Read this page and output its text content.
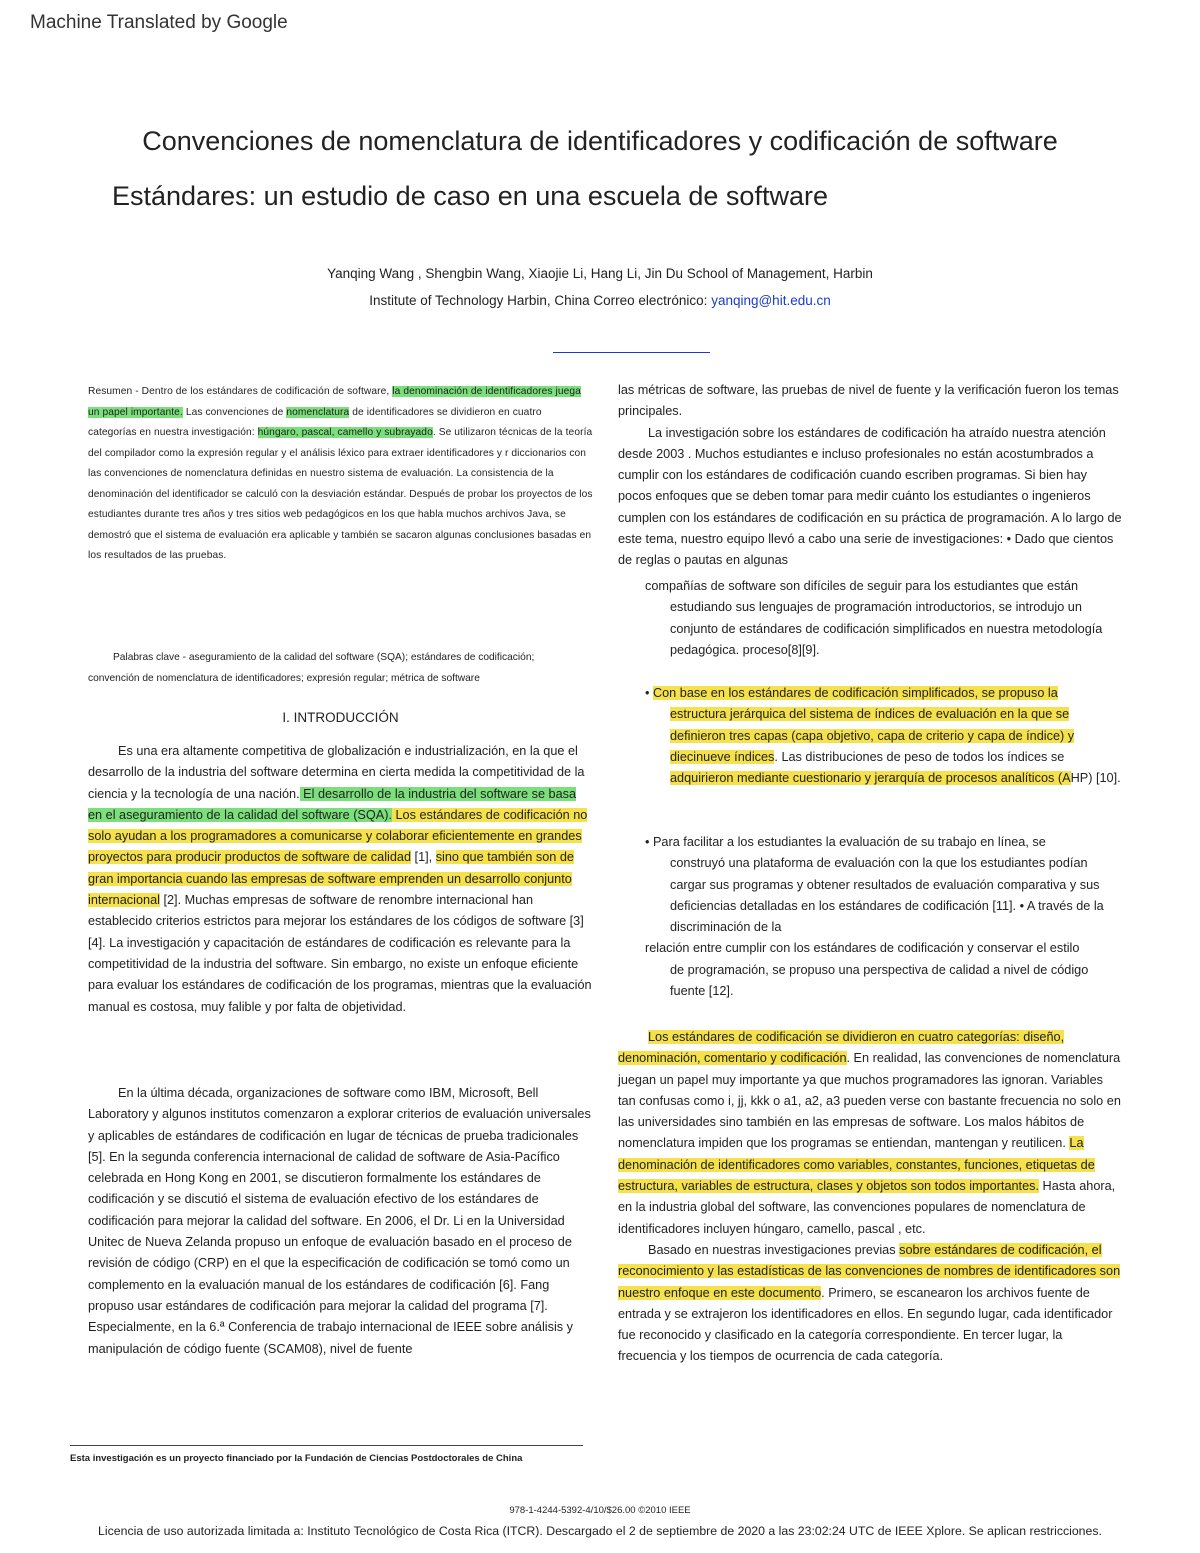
Machine Translated by Google
Convenciones de nomenclatura de identificadores y codificación de software
Estándares: un estudio de caso en una escuela de software
Yanqing Wang , Shengbin Wang, Xiaojie Li, Hang Li, Jin Du School of Management, Harbin
Institute of Technology Harbin, China Correo electrónico: yanqing@hit.edu.cn

Resumen - Dentro de los estándares de codificación de software, la denominación de identificadores juega un papel importante. Las convenciones de nomenclatura de identificadores se dividieron en cuatro categorías en nuestra investigación: húngaro, pascal, camello y subrayado. Se utilizaron técnicas de la teoría del compilador como la expresión regular y el análisis léxico para extraer identificadores y r diccionarios con las convenciones de nomenclatura definidas en nuestro sistema de evaluación. La consistencia de la denominación del identificador se calculó con la desviación estándar. Después de probar los proyectos de los estudiantes durante tres años y tres sitios web pedagógicos en los que habla muchos archivos Java, se demostró que el sistema de evaluación era aplicable y también se sacaron algunas conclusiones basadas en los resultados de las pruebas.

Palabras clave - aseguramiento de la calidad del software (SQA); estándares de codificación;

convención de nomenclatura de identificadores; expresión regular; métrica de software

I. INTRODUCCIÓN

Es una era altamente competitiva de globalización e industrialización, en la que el desarrollo de la industria del software determina en cierta medida la competitividad de la ciencia y la tecnología de una nación. El desarrollo de la industria del software se basa en el aseguramiento de la calidad del software (SQA). Los estándares de codificación no solo ayudan a los programadores a comunicarse y colaborar eficientemente en grandes proyectos para producir productos de software de calidad [1], sino que también son de gran importancia cuando las empresas de software emprenden un desarrollo conjunto internacional [2]. Muchas empresas de software de renombre internacional han establecido criterios estrictos para mejorar los estándares de los códigos de software [3][4]. La investigación y capacitación de estándares de codificación es relevante para la competitividad de la industria del software. Sin embargo, no existe un enfoque eficiente para evaluar los estándares de codificación de los programas, mientras que la evaluación manual es costosa, muy falible y por falta de objetividad.

En la última década, organizaciones de software como IBM, Microsoft, Bell Laboratory y algunos institutos comenzaron a explorar criterios de evaluación universales y aplicables de estándares de codificación en lugar de técnicas de prueba tradicionales [5]. En la segunda conferencia internacional de calidad de software de Asia-Pacífico celebrada en Hong Kong en 2001, se discutieron formalmente los estándares de codificación y se discutió el sistema de evaluación efectivo de los estándares de codificación para mejorar la calidad del software. En 2006, el Dr. Li en la Universidad Unitec de Nueva Zelanda propuso un enfoque de evaluación basado en el proceso de revisión de código (CRP) en el que la especificación de codificación se tomó como un complemento en la evaluación manual de los estándares de codificación [6]. Fang propuso usar estándares de codificación para mejorar la calidad del programa [7]. Especialmente, en la 6.ª Conferencia de trabajo internacional de IEEE sobre análisis y manipulación de código fuente (SCAM08), nivel de fuente

las métricas de software, las pruebas de nivel de fuente y la verificación fueron los temas principales.

La investigación sobre los estándares de codificación ha atraído nuestra atención desde 2003 . Muchos estudiantes e incluso profesionales no están acostumbrados a cumplir con los estándares de codificación cuando escriben programas. Si bien hay pocos enfoques que se deben tomar para medir cuánto los estudiantes o ingenieros cumplen con los estándares de codificación en su práctica de programación. A lo largo de este tema, nuestro equipo llevó a cabo una serie de investigaciones: • Dado que cientos de reglas o pautas en algunas

compañías de software son difíciles de seguir para los estudiantes que están

estudiando sus lenguajes de programación introductorios, se introdujo un conjunto de estándares de codificación simplificados en nuestra metodología pedagógica. proceso[8][9].

• Con base en los estándares de codificación simplificados, se propuso la

estructura jerárquica del sistema de índices de evaluación en la que se definieron tres capas (capa objetivo, capa de criterio y capa de índice) y diecinueve índices. Las distribuciones de peso de todos los índices se adquirieron mediante cuestionario y jerarquía de procesos analíticos (AHP) [10].

• Para facilitar a los estudiantes la evaluación de su trabajo en línea, se

construyó una plataforma de evaluación con la que los estudiantes podían cargar sus programas y obtener resultados de evaluación comparativa y sus deficiencias detalladas en los estándares de codificación [11]. • A través de la discriminación de la

relación entre cumplir con los estándares de codificación y conservar el estilo

de programación, se propuso una perspectiva de calidad a nivel de código fuente [12].

Los estándares de codificación se dividieron en cuatro categorías: diseño, denominación, comentario y codificación. En realidad, las convenciones de nomenclatura juegan un papel muy importante ya que muchos programadores las ignoran. Variables tan confusas como i, jj, kkk o a1, a2, a3 pueden verse con bastante frecuencia no solo en las universidades sino también en las empresas de software. Los malos hábitos de nomenclatura impiden que los programas se entiendan, mantengan y reutilicen. La denominación de identificadores como variables, constantes, funciones, etiquetas de estructura, variables de estructura, clases y objetos son todos importantes. Hasta ahora, en la industria global del software, las convenciones populares de nomenclatura de identificadores incluyen húngaro, camello, pascal , etc.

Basado en nuestras investigaciones previas sobre estándares de codificación, el reconocimiento y las estadísticas de las convenciones de nombres de identificadores son nuestro enfoque en este documento. Primero, se escanearon los archivos fuente de entrada y se extrajeron los identificadores en ellos. En segundo lugar, cada identificador fue reconocido y clasificado en la categoría correspondiente. En tercer lugar, la frecuencia y los tiempos de ocurrencia de cada categoría.

Esta investigación es un proyecto financiado por la Fundación de Ciencias Postdoctorales de China
978-1-4244-5392-4/10/$26.00 ©2010 IEEE
Licencia de uso autorizada limitada a: Instituto Tecnológico de Costa Rica (ITCR). Descargado el 2 de septiembre de 2020 a las 23:02:24 UTC de IEEE Xplore. Se aplican restricciones.
